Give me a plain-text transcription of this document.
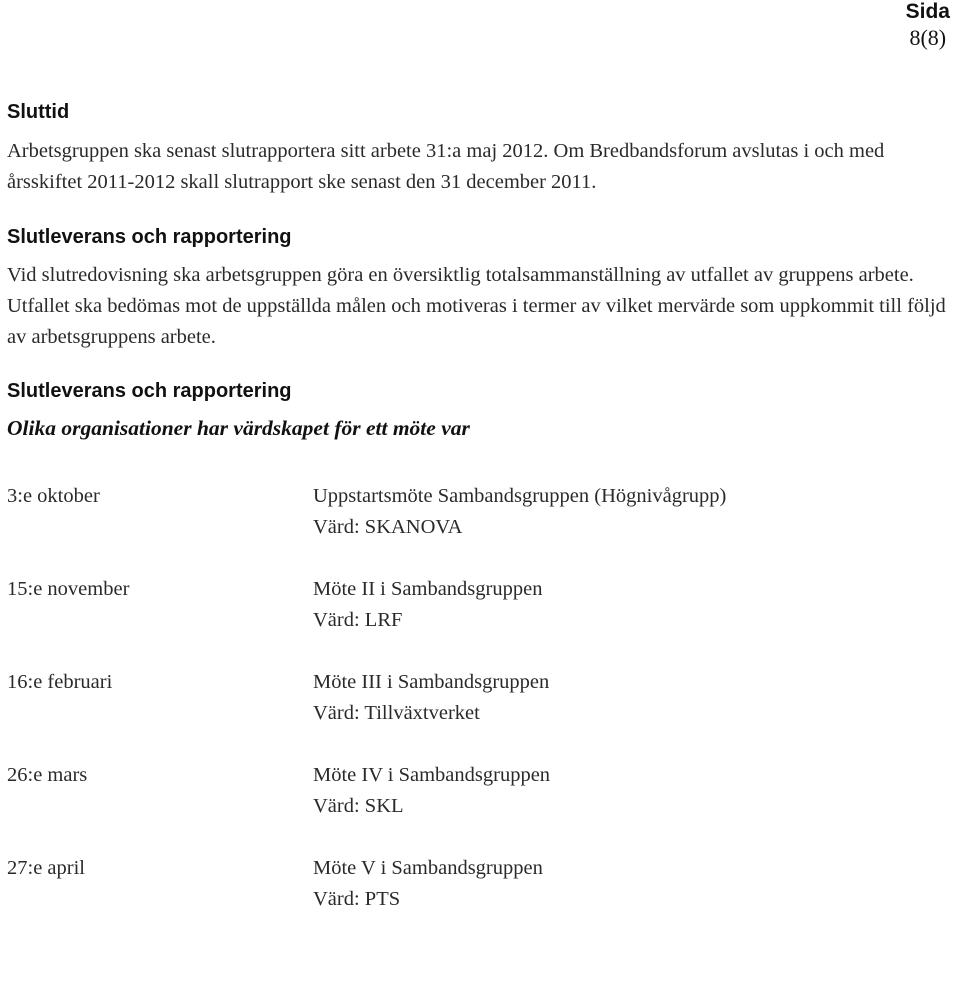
Sida
8(8)
Sluttid

Arbetsgruppen ska senast slutrapportera sitt arbete 31:a maj 2012. Om Bredbandsforum avslutas i och med årsskiftet 2011-2012 skall slutrapport ske senast den 31 december 2011.

Slutleverans och rapportering

Vid slutredovisning ska arbetsgruppen göra en översiktlig totalsammanställning av utfallet av gruppens arbete. Utfallet ska bedömas mot de uppställda målen och motiveras i termer av vilket mervärde som uppkommit till följd av arbetsgruppens arbete.

Slutleverans och rapportering

Olika organisationer har värdskapet för ett möte var

3:e oktober	Uppstartsmöte Sambandsgruppen (Högnivågrupp)
Värd: SKANOVA
15:e november	Möte II i Sambandsgruppen
Värd: LRF
16:e februari	Möte III i Sambandsgruppen
Värd: Tillväxtverket
26:e mars	Möte IV i Sambandsgruppen
Värd: SKL
27:e april	Möte V i Sambandsgruppen
Värd: PTS
